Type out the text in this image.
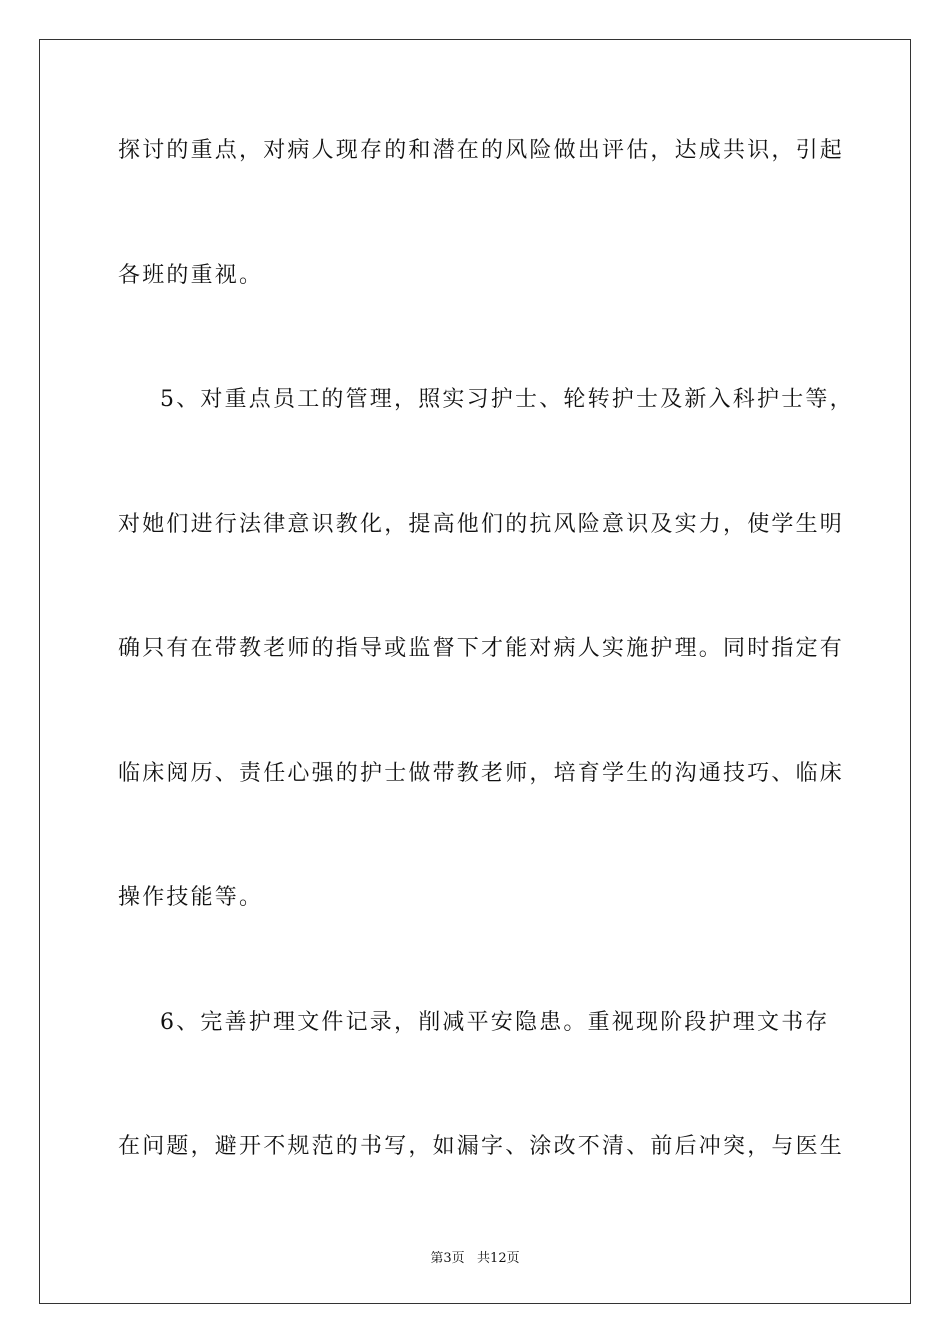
探讨的重点，对病人现存的和潜在的风险做出评估，达成共识，引起
各班的重视。
5、对重点员工的管理，照实习护士、轮转护士及新入科护士等，
对她们进行法律意识教化，提高他们的抗风险意识及实力，使学生明
确只有在带教老师的指导或监督下才能对病人实施护理。同时指定有
临床阅历、责任心强的护士做带教老师，培育学生的沟通技巧、临床
操作技能等。
6、完善护理文件记录，削减平安隐患。重视现阶段护理文书存
在问题，避开不规范的书写，如漏字、涂改不清、前后冲突，与医生
第3页   共12页
